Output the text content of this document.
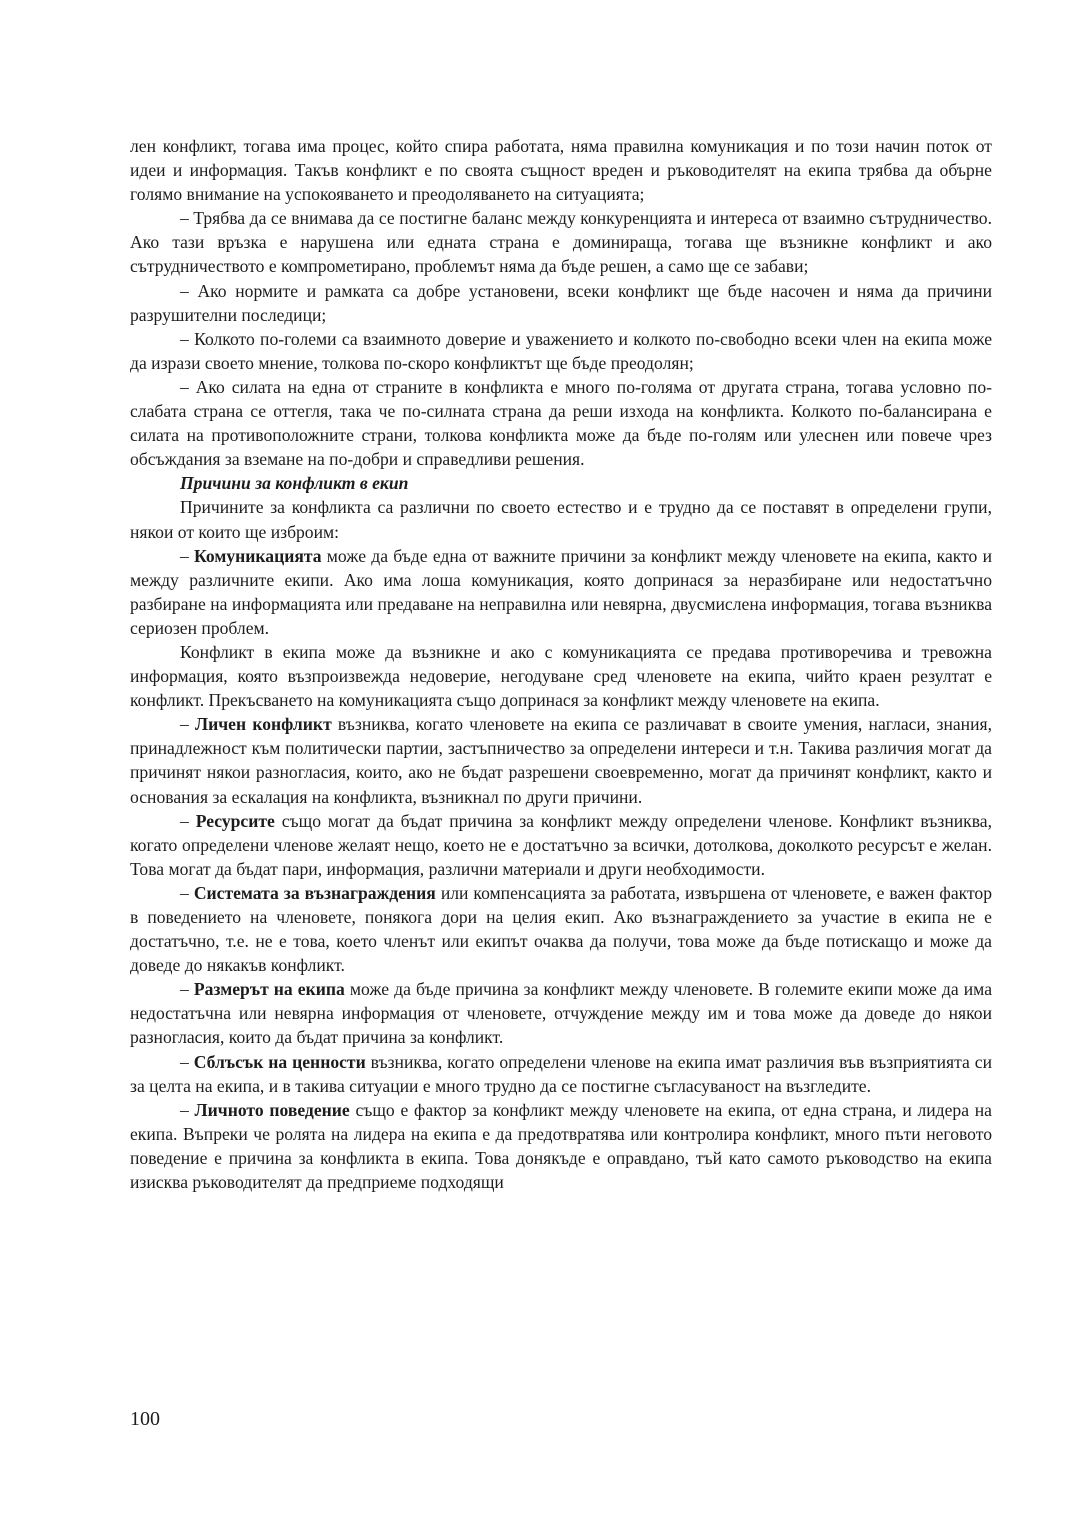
лен конфликт, тогава има процес, който спира работата, няма правилна комуникация и по този начин поток от идеи и информация. Такъв конфликт е по своята същност вреден и ръководителят на екипа трябва да обърне голямо внимание на успокояването и преодоляването на ситуацията;

– Трябва да се внимава да се постигне баланс между конкуренцията и интереса от взаимно сътрудничество. Ако тази връзка е нарушена или едната страна е доминираща, тогава ще възникне конфликт и ако сътрудничеството е компрометирано, проблемът няма да бъде решен, а само ще се забави;

– Ако нормите и рамката са добре установени, всеки конфликт ще бъде насочен и няма да причини разрушителни последици;

– Колкото по-големи са взаимното доверие и уважението и колкото по-свободно всеки член на екипа може да изрази своето мнение, толкова по-скоро конфликтът ще бъде преодолян;

– Ако силата на една от страните в конфликта е много по-голяма от другата страна, тогава условно по-слабата страна се оттегля, така че по-силната страна да реши изхода на конфликта. Колкото по-балансирана е силата на противоположните страни, толкова конфликта може да бъде по-голям или улеснен или повече чрез обсъждания за вземане на по-добри и справедливи решения.

Причини за конфликт в екип

Причините за конфликта са различни по своето естество и е трудно да се поставят в определени групи, някои от които ще изброим:

– Комуникацията може да бъде една от важните причини за конфликт между членовете на екипа, както и между различните екипи. Ако има лоша комуникация, която допринася за неразбиране или недостатъчно разбиране на информацията или предаване на неправилна или невярна, двусмислена информация, тогава възниква сериозен проблем.

Конфликт в екипа може да възникне и ако с комуникацията се предава противоречива и тревожна информация, която възпроизвежда недоверие, негодуване сред членовете на екипа, чийто краен резултат е конфликт. Прекъсването на комуникацията също допринася за конфликт между членовете на екипа.

– Личен конфликт възниква, когато членовете на екипа се различават в своите умения, нагласи, знания, принадлежност към политически партии, застъпничество за определени интереси и т.н. Такива различия могат да причинят някои разногласия, които, ако не бъдат разрешени своевременно, могат да причинят конфликт, както и основания за ескалация на конфликта, възникнал по други причини.

– Ресурсите също могат да бъдат причина за конфликт между определени членове. Конфликт възниква, когато определени членове желаят нещо, което не е достатъчно за всички, дотолкова, доколкото ресурсът е желан. Това могат да бъдат пари, информация, различни материали и други необходимости.

– Системата за възнаграждения или компенсацията за работата, извършена от членовете, е важен фактор в поведението на членовете, понякога дори на целия екип. Ако възнаграждението за участие в екипа не е достатъчно, т.е. не е това, което членът или екипът очаква да получи, това може да бъде потискащо и може да доведе до някакъв конфликт.

– Размерът на екипа може да бъде причина за конфликт между членовете. В големите екипи може да има недостатъчна или невярна информация от членовете, отчуждение между им и това може да доведе до някои разногласия, които да бъдат причина за конфликт.

– Сблъсък на ценности възниква, когато определени членове на екипа имат различия във възприятията си за целта на екипа, и в такива ситуации е много трудно да се постигне съгласуваност на възгледите.

– Личното поведение също е фактор за конфликт между членовете на екипа, от една страна, и лидера на екипа. Въпреки че ролята на лидера на екипа е да предотвратява или контролира конфликт, много пъти неговото поведение е причина за конфликта в екипа. Това донякъде е оправдано, тъй като самото ръководство на екипа изисква ръководителят да предприеме подходящи

100
